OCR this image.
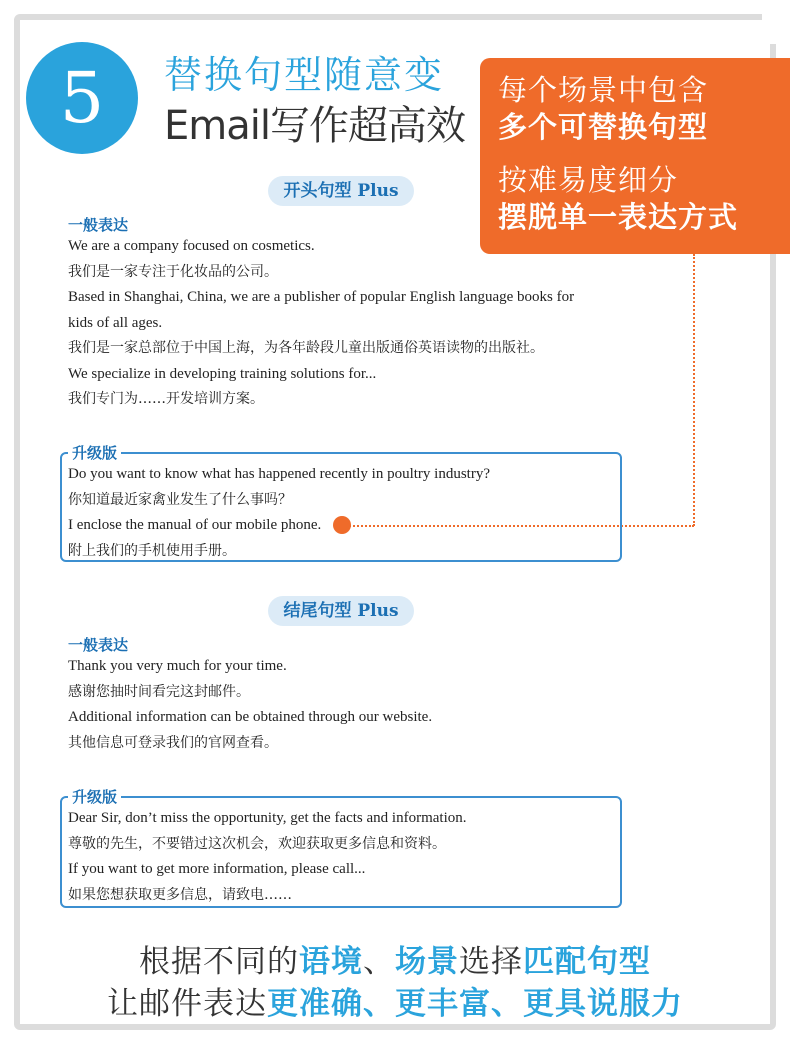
5	替换句型随意变
Email写作超高效
每个场景中包含
多个可替换句型
按难易度细分
摆脱单一表达方式
开头句型 Plus
一般表达
We are a company focused on cosmetics.
我们是一家专注于化妆品的公司。
Based in Shanghai, China, we are a publisher of popular English language books for
kids of all ages.
我们是一家总部位于中国上海，为各年龄段儿童出版通俗英语读物的出版社。
We specialize in developing training solutions for...
我们专门为……开发培训方案。
升级版
Do you want to know what has happened recently in poultry industry?
你知道最近家禽业发生了什么事吗？
I enclose the manual of our mobile phone.
附上我们的手机使用手册。
结尾句型 Plus
一般表达
Thank you very much for your time.
感谢您抽时间看完这封邮件。
Additional information can be obtained through our website.
其他信息可登录我们的官网查看。
升级版
Dear Sir, don’t miss the opportunity, get the facts and information.
尊敬的先生，不要错过这次机会，欢迎获取更多信息和资料。
If you want to get more information, please call...
如果您想获取更多信息，请致电……
根据不同的语境、场景选择匹配句型
让邮件表达更准确、更丰富、更具说服力
